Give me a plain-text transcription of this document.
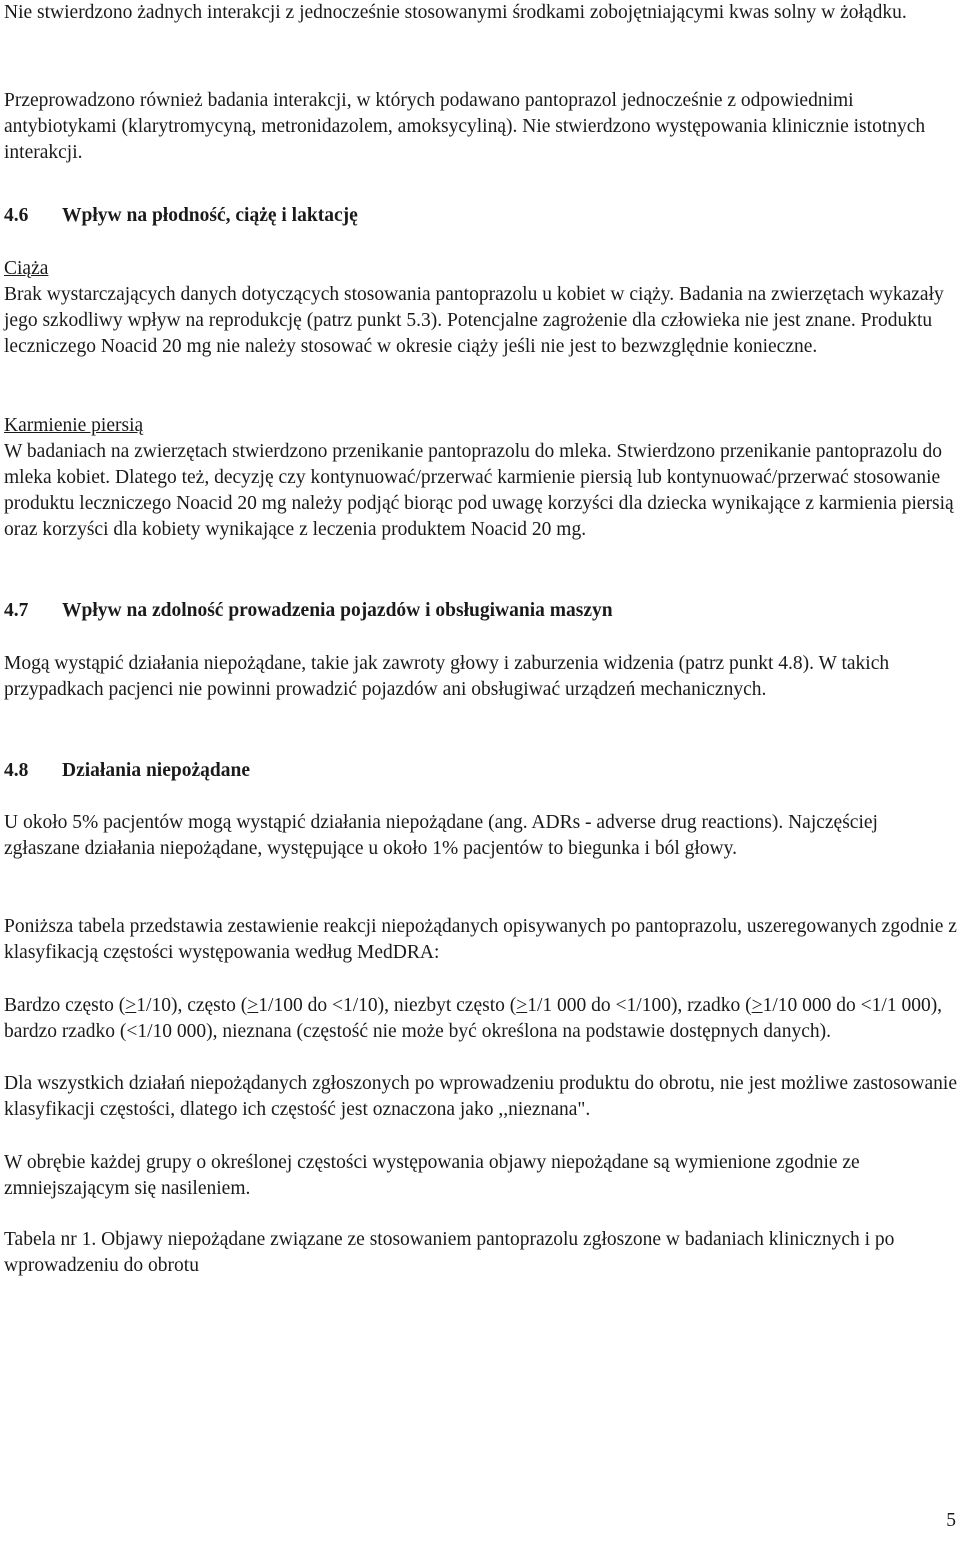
Nie stwierdzono żadnych interakcji z jednocześnie stosowanymi środkami zobojętniającymi kwas solny w żołądku.

Przeprowadzono również badania interakcji, w których podawano pantoprazol jednocześnie z odpowiednimi antybiotykami (klarytromycyną, metronidazolem, amoksycyliną). Nie stwierdzono występowania klinicznie istotnych interakcji.

4.6 Wpływ na płodność, ciążę i laktację

Ciąża
Brak wystarczających danych dotyczących stosowania pantoprazolu u kobiet w ciąży. Badania na zwierzętach wykazały jego szkodliwy wpływ na reprodukcję (patrz punkt 5.3). Potencjalne zagrożenie dla człowieka nie jest znane. Produktu leczniczego Noacid 20 mg nie należy stosować w okresie ciąży jeśli nie jest to bezwzględnie konieczne.

Karmienie piersią
W badaniach na zwierzętach stwierdzono przenikanie pantoprazolu do mleka. Stwierdzono przenikanie pantoprazolu do mleka kobiet. Dlatego też, decyzję czy kontynuować/przerwać karmienie piersią lub kontynuować/przerwać stosowanie produktu leczniczego Noacid 20 mg należy podjąć biorąc pod uwagę korzyści dla dziecka wynikające z karmienia piersią oraz korzyści dla kobiety wynikające z leczenia produktem Noacid 20 mg.

4.7 Wpływ na zdolność prowadzenia pojazdów i obsługiwania maszyn

Mogą wystąpić działania niepożądane, takie jak zawroty głowy i zaburzenia widzenia (patrz punkt 4.8). W takich przypadkach pacjenci nie powinni prowadzić pojazdów ani obsługiwać urządzeń mechanicznych.

4.8 Działania niepożądane

U około 5% pacjentów mogą wystąpić działania niepożądane (ang. ADRs - adverse drug reactions). Najczęściej zgłaszane działania niepożądane, występujące u około 1% pacjentów to biegunka i ból głowy.

Poniższa tabela przedstawia zestawienie reakcji niepożądanych opisywanych po pantoprazolu, uszeregowanych zgodnie z klasyfikacją częstości występowania według MedDRA:

Bardzo często (>1/10), często (>1/100 do <1/10), niezbyt często (>1/1 000 do <1/100), rzadko (>1/10 000 do <1/1 000), bardzo rzadko (<1/10 000), nieznana (częstość nie może być określona na podstawie dostępnych danych).

Dla wszystkich działań niepożądanych zgłoszonych po wprowadzeniu produktu do obrotu, nie jest możliwe zastosowanie klasyfikacji częstości, dlatego ich częstość jest oznaczona jako ,,nieznana".

W obrębie każdej grupy o określonej częstości występowania objawy niepożądane są wymienione zgodnie ze zmniejszającym się nasileniem.

Tabela nr 1. Objawy niepożądane związane ze stosowaniem pantoprazolu zgłoszone w badaniach klinicznych i po wprowadzeniu do obrotu

5
